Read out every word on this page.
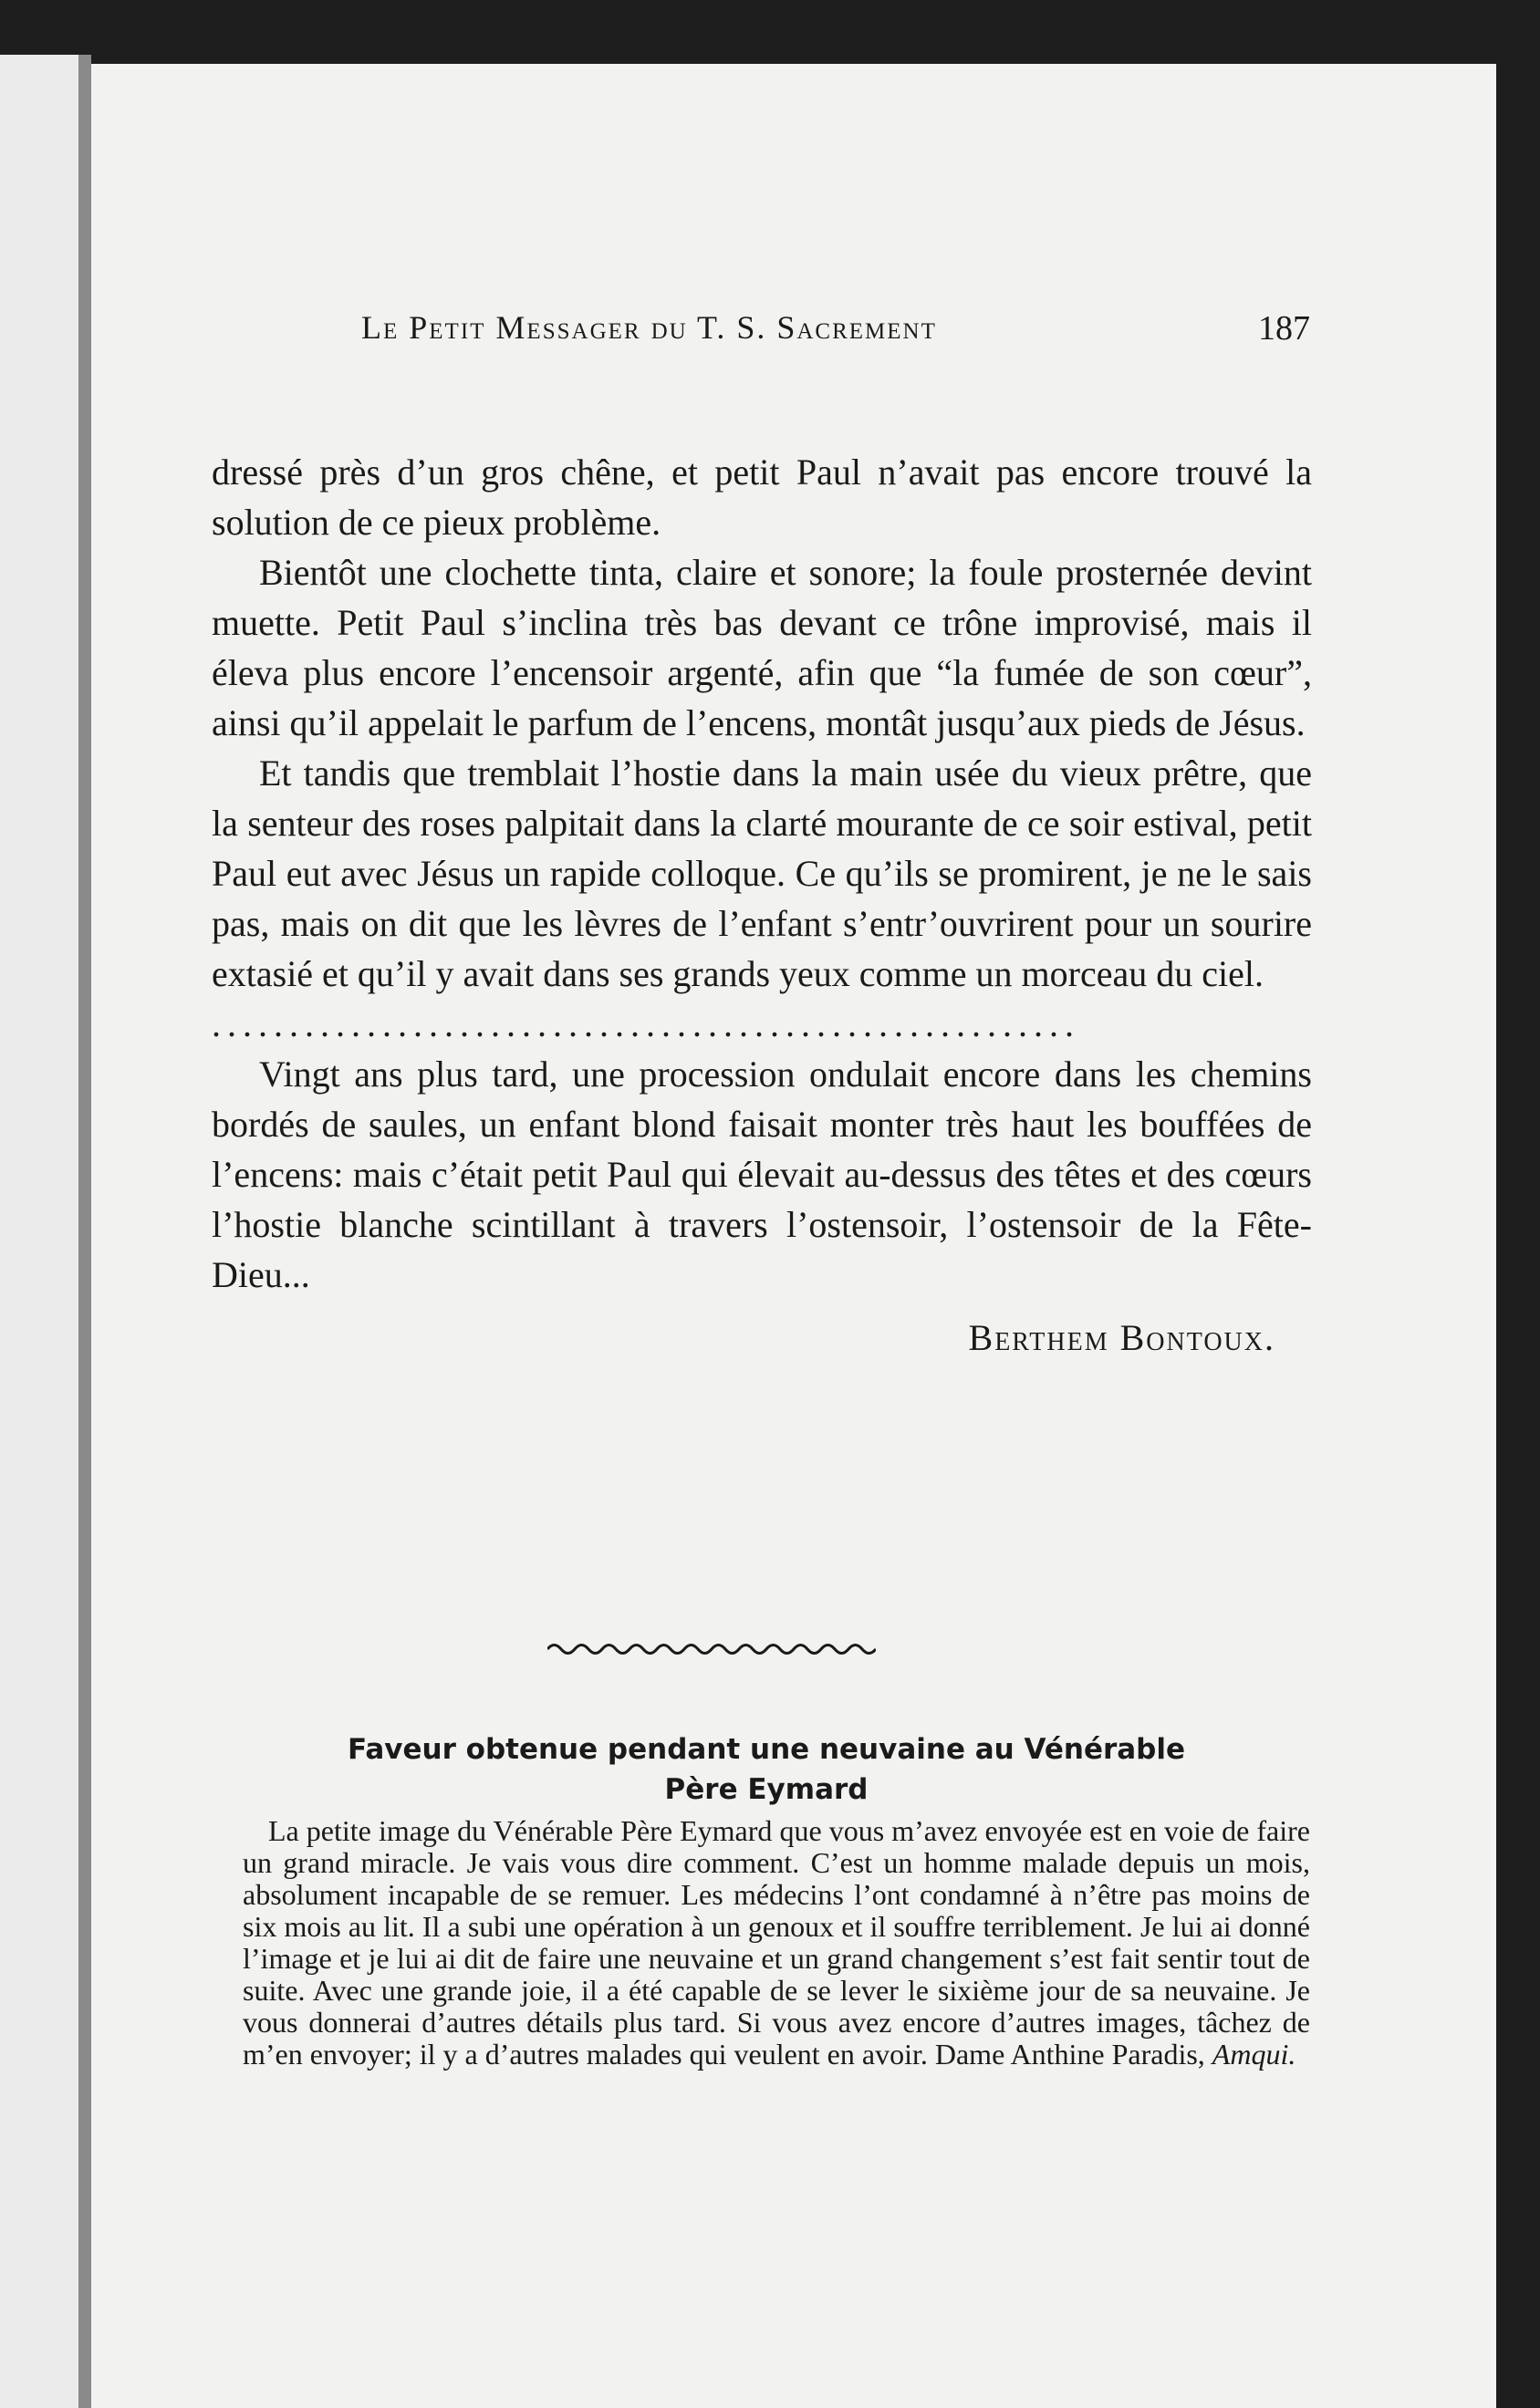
Le Petit Messager du T. S. Sacrement	187

dressé près d’un gros chêne, et petit Paul n’avait pas encore trouvé la solution de ce pieux problème.

Bientôt une clochette tinta, claire et sonore; la foule prosternée devint muette. Petit Paul s’inclina très bas devant ce trône improvisé, mais il éleva plus encore l’encensoir argenté, afin que “la fumée de son cœur”, ainsi qu’il appelait le parfum de l’encens, montât jusqu’aux pieds de Jésus.

Et tandis que tremblait l’hostie dans la main usée du vieux prêtre, que la senteur des roses palpitait dans la clarté mourante de ce soir estival, petit Paul eut avec Jésus un rapide colloque. Ce qu’ils se promirent, je ne le sais pas, mais on dit que les lèvres de l’enfant s’entr’ouvrirent pour un sourire extasié et qu’il y avait dans ses grands yeux comme un morceau du ciel.

........................................................

Vingt ans plus tard, une procession ondulait encore dans les chemins bordés de saules, un enfant blond faisait monter très haut les bouffées de l’encens: mais c’était petit Paul qui élevait au-dessus des têtes et des cœurs l’hostie blanche scintillant à travers l’ostensoir, l’ostensoir de la Fête-Dieu...

Berthem Bontoux.
Faveur obtenue pendant une neuvaine au Vénérable
Père Eymard

La petite image du Vénérable Père Eymard que vous m’avez envoyée est en voie de faire un grand miracle. Je vais vous dire comment. C’est un homme malade depuis un mois, absolument incapable de se remuer. Les médecins l’ont condamné à n’être pas moins de six mois au lit. Il a subi une opération à un genoux et il souffre terriblement. Je lui ai donné l’image et je lui ai dit de faire une neuvaine et un grand changement s’est fait sentir tout de suite. Avec une grande joie, il a été capable de se lever le sixième jour de sa neuvaine. Je vous donnerai d’autres détails plus tard. Si vous avez encore d’autres images, tâchez de m’en envoyer; il y a d’autres malades qui veulent en avoir. Dame Anthine Paradis, Amqui.
